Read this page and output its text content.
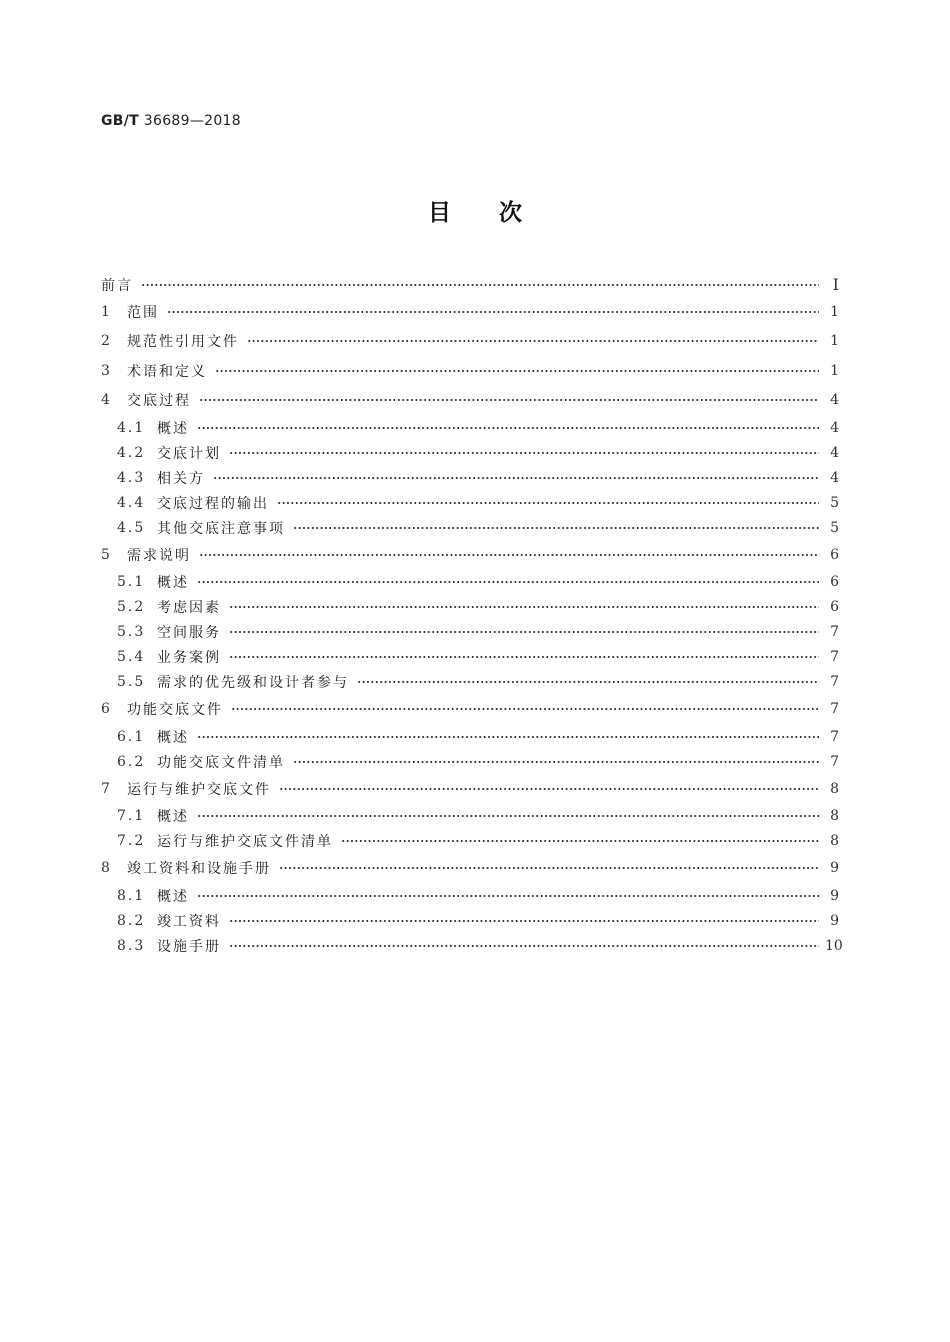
GB/T 36689—2018
目次
前言	Ⅰ
1	范围	1
2	规范性引用文件	1
3	术语和定义	1
4	交底过程	4
4.1 概述	4
4.2 交底计划	4
4.3 相关方	4
4.4 交底过程的输出	5
4.5 其他交底注意事项	5
5	需求说明	6
5.1 概述	6
5.2 考虑因素	6
5.3 空间服务	7
5.4 业务案例	7
5.5 需求的优先级和设计者参与	7
6	功能交底文件	7
6.1 概述	7
6.2 功能交底文件清单	7
7	运行与维护交底文件	8
7.1 概述	8
7.2 运行与维护交底文件清单	8
8	竣工资料和设施手册	9
8.1 概述	9
8.2 竣工资料	9
8.3 设施手册	10
